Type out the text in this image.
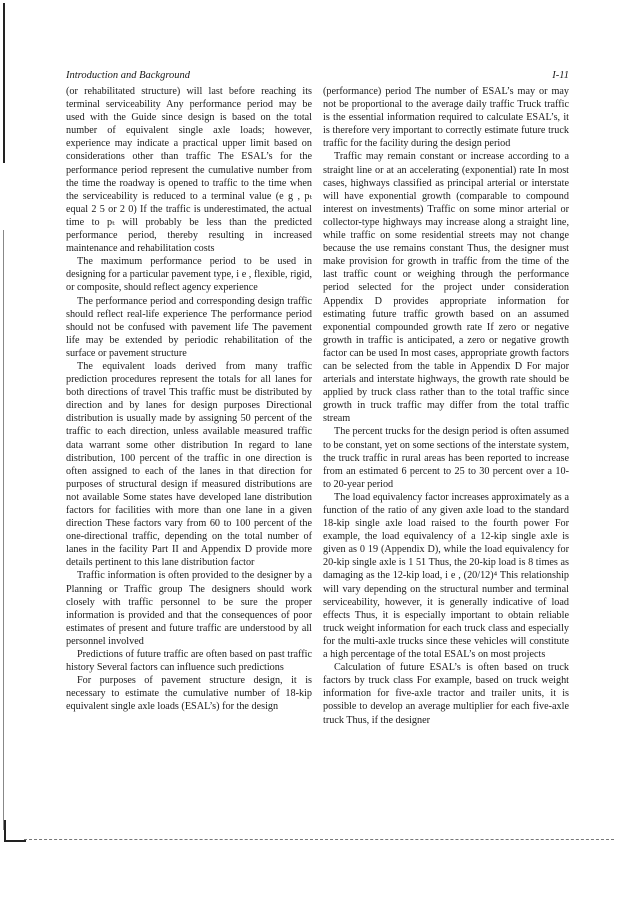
Introduction and Background	I-11

(or rehabilitated structure) will last before reaching its terminal serviceability Any performance period may be used with the Guide since design is based on the total number of equivalent single axle loads; however, experience may indicate a practical upper limit based on considerations other than traffic The ESAL’s for the performance period represent the cumulative number from the time the roadway is opened to traffic to the time when the serviceability is reduced to a terminal value (e g , pₜ equal 2 5 or 2 0) If the traffic is underestimated, the actual time to pₜ will probably be less than the predicted performance period, thereby resulting in increased maintenance and rehabilitation costs

The maximum performance period to be used in designing for a particular pavement type, i e , flexible, rigid, or composite, should reflect agency experience

The performance period and corresponding design traffic should reflect real-life experience The performance period should not be confused with pavement life The pavement life may be extended by periodic rehabilitation of the surface or pavement structure

The equivalent loads derived from many traffic prediction procedures represent the totals for all lanes for both directions of travel This traffic must be distributed by direction and by lanes for design purposes Directional distribution is usually made by assigning 50 percent of the traffic to each direction, unless available measured traffic data warrant some other distribution In regard to lane distribution, 100 percent of the traffic in one direction is often assigned to each of the lanes in that direction for purposes of structural design if measured distributions are not available Some states have developed lane distribution factors for facilities with more than one lane in a given direction These factors vary from 60 to 100 percent of the one-directional traffic, depending on the total number of lanes in the facility Part II and Appendix D provide more details pertinent to this lane distribution factor

Traffic information is often provided to the designer by a Planning or Traffic group The designers should work closely with traffic personnel to be sure the proper information is provided and that the consequences of poor estimates of present and future traffic are understood by all personnel involved

Predictions of future traffic are often based on past traffic history Several factors can influence such predictions

For purposes of pavement structure design, it is necessary to estimate the cumulative number of 18-kip equivalent single axle loads (ESAL’s) for the design

(performance) period The number of ESAL’s may or may not be proportional to the average daily traffic Truck traffic is the essential information required to calculate ESAL’s, it is therefore very important to correctly estimate future truck traffic for the facility during the design period

Traffic may remain constant or increase according to a straight line or at an accelerating (exponential) rate In most cases, highways classified as principal arterial or interstate will have exponential growth (comparable to compound interest on investments) Traffic on some minor arterial or collector-type highways may increase along a straight line, while traffic on some residential streets may not change because the use remains constant Thus, the designer must make provision for growth in traffic from the time of the last traffic count or weighing through the performance period selected for the project under consideration Appendix D provides appropriate information for estimating future traffic growth based on an assumed exponential compounded growth rate If zero or negative growth in traffic is anticipated, a zero or negative growth factor can be used In most cases, appropriate growth factors can be selected from the table in Appendix D For major arterials and interstate highways, the growth rate should be applied by truck class rather than to the total traffic since growth in truck traffic may differ from the total traffic stream

The percent trucks for the design period is often assumed to be constant, yet on some sections of the interstate system, the truck traffic in rural areas has been reported to increase from an estimated 6 percent to 25 to 30 percent over a 10- to 20-year period

The load equivalency factor increases approximately as a function of the ratio of any given axle load to the standard 18-kip single axle load raised to the fourth power For example, the load equivalency of a 12-kip single axle is given as 0 19 (Appendix D), while the load equivalency for 20-kip single axle is 1 51 Thus, the 20-kip load is 8 times as damaging as the 12-kip load, i e , (20/12)⁴ This relationship will vary depending on the structural number and terminal serviceability, however, it is generally indicative of load effects Thus, it is especially important to obtain reliable truck weight information for each truck class and especially for the multi-axle trucks since these vehicles will constitute a high percentage of the total ESAL’s on most projects

Calculation of future ESAL’s is often based on truck factors by truck class For example, based on truck weight information for five-axle tractor and trailer units, it is possible to develop an average multiplier for each five-axle truck Thus, if the designer
